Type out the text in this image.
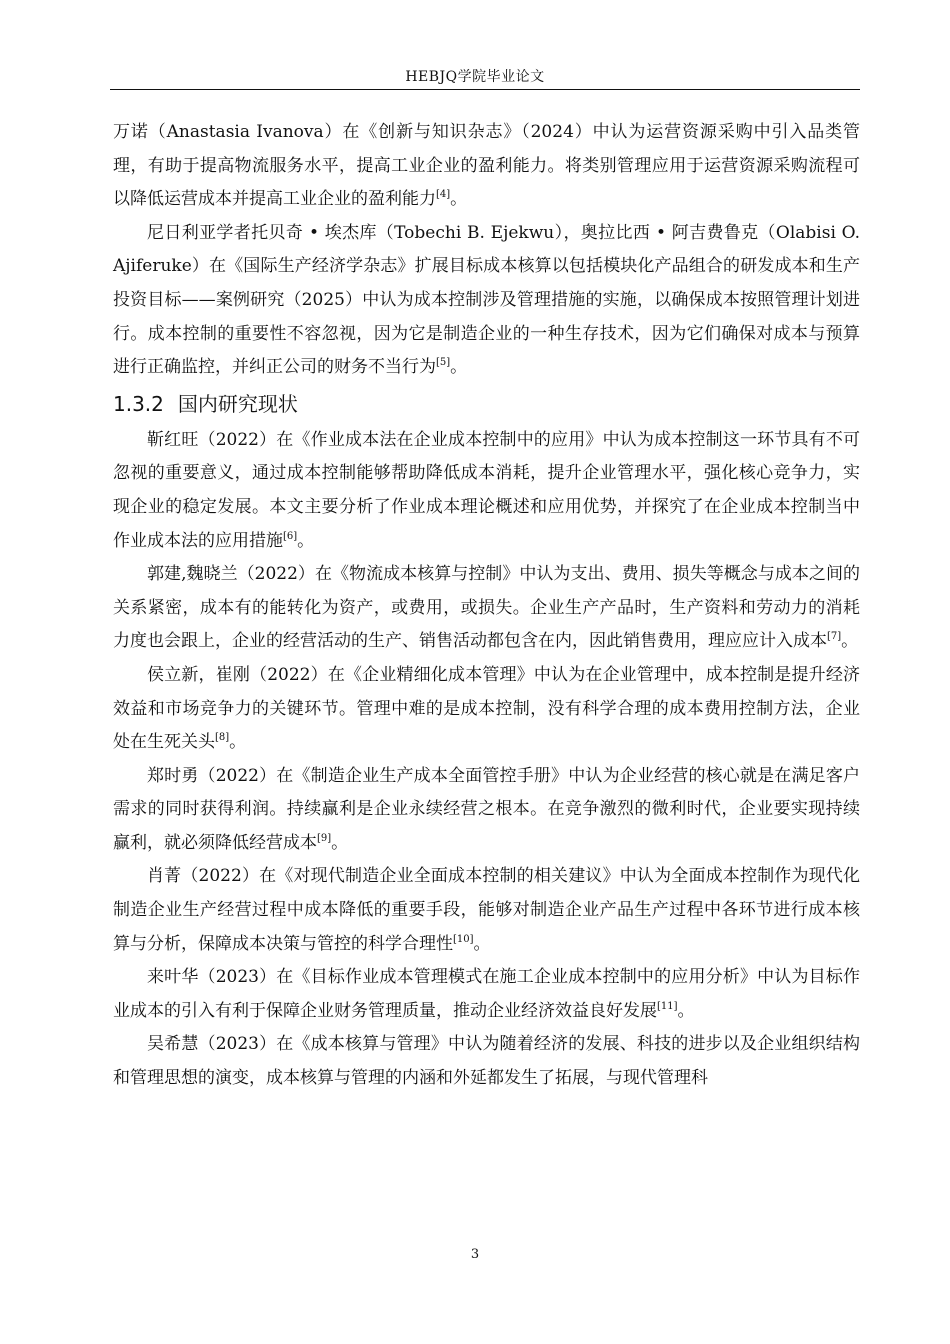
HEBJQ学院毕业论文

万诺（Anastasia Ivanova）在《创新与知识杂志》（2024）中认为运营资源采购中引入品类管理，有助于提高物流服务水平，提高工业企业的盈利能力。将类别管理应用于运营资源采购流程可以降低运营成本并提高工业企业的盈利能力[4]。

尼日利亚学者托贝奇 • 埃杰库（Tobechi B. Ejekwu），奥拉比西 • 阿吉费鲁克（Olabisi O. Ajiferuke）在《国际生产经济学杂志》扩展目标成本核算以包括模块化产品组合的研发成本和生产投资目标——案例研究（2025）中认为成本控制涉及管理措施的实施，以确保成本按照管理计划进行。成本控制的重要性不容忽视，因为它是制造企业的一种生存技术，因为它们确保对成本与预算进行正确监控，并纠正公司的财务不当行为[5]。

1.3.2 国内研究现状

靳红旺（2022）在《作业成本法在企业成本控制中的应用》中认为成本控制这一环节具有不可忽视的重要意义，通过成本控制能够帮助降低成本消耗，提升企业管理水平，强化核心竞争力，实现企业的稳定发展。本文主要分析了作业成本理论概述和应用优势，并探究了在企业成本控制当中作业成本法的应用措施[6]。

郭建,魏晓兰（2022）在《物流成本核算与控制》中认为支出、费用、损失等概念与成本之间的关系紧密，成本有的能转化为资产，或费用，或损失。企业生产产品时，生产资料和劳动力的消耗力度也会跟上，企业的经营活动的生产、销售活动都包含在内，因此销售费用，理应应计入成本[7]。

侯立新，崔刚（2022）在《企业精细化成本管理》中认为在企业管理中，成本控制是提升经济效益和市场竞争力的关键环节。管理中难的是成本控制，没有科学合理的成本费用控制方法，企业处在生死关头[8]。

郑时勇（2022）在《制造企业生产成本全面管控手册》中认为企业经营的核心就是在满足客户需求的同时获得利润。持续赢利是企业永续经营之根本。在竞争激烈的微利时代，企业要实现持续赢利，就必须降低经营成本[9]。

肖菁（2022）在《对现代制造企业全面成本控制的相关建议》中认为全面成本控制作为现代化制造企业生产经营过程中成本降低的重要手段，能够对制造企业产品生产过程中各环节进行成本核算与分析，保障成本决策与管控的科学合理性[10]。

来叶华（2023）在《目标作业成本管理模式在施工企业成本控制中的应用分析》中认为目标作业成本的引入有利于保障企业财务管理质量，推动企业经济效益良好发展[11]。

吴希慧（2023）在《成本核算与管理》中认为随着经济的发展、科技的进步以及企业组织结构和管理思想的演变，成本核算与管理的内涵和外延都发生了拓展，与现代管理科

3
